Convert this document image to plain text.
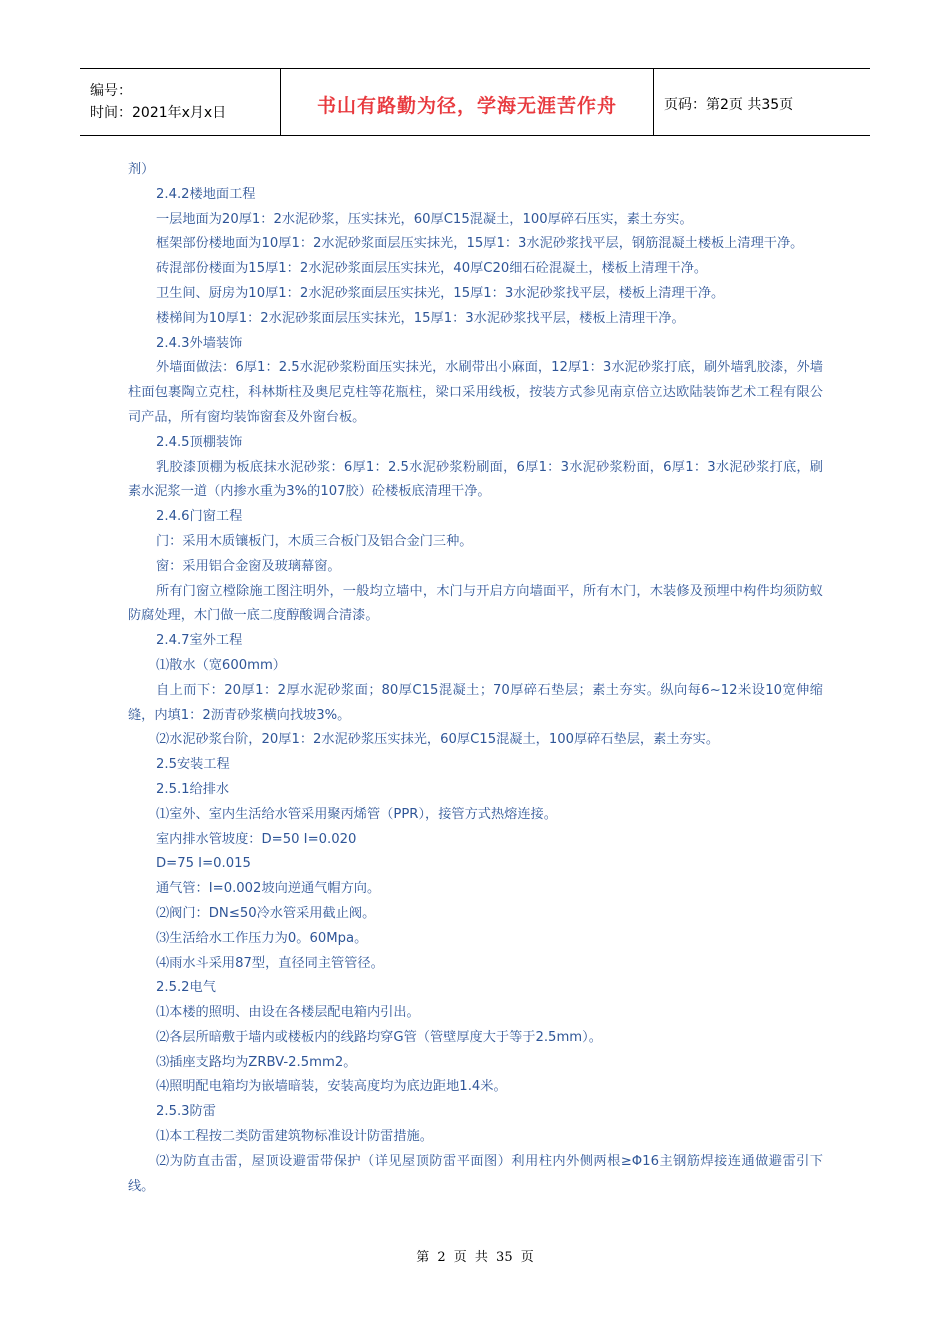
编号：
时间：2021年x月x日	书山有路勤为径，学海无涯苦作舟	页码：第2页 共35页

剂）

2.4.2楼地面工程

一层地面为20厚1：2水泥砂浆，压实抹光，60厚C15混凝土，100厚碎石压实，素土夯实。

框架部份楼地面为10厚1：2水泥砂浆面层压实抹光，15厚1：3水泥砂浆找平层，钢筋混凝土楼板上清理干净。

砖混部份楼面为15厚1：2水泥砂浆面层压实抹光，40厚C20细石砼混凝土，楼板上清理干净。

卫生间、厨房为10厚1：2水泥砂浆面层压实抹光，15厚1：3水泥砂浆找平层，楼板上清理干净。

楼梯间为10厚1：2水泥砂浆面层压实抹光，15厚1：3水泥砂浆找平层，楼板上清理干净。

2.4.3外墙装饰

外墙面做法：6厚1：2.5水泥砂浆粉面压实抹光，水刷带出小麻面，12厚1：3水泥砂浆打底，刷外墙乳胶漆，外墙柱面包裹陶立克柱，科林斯柱及奥尼克柱等花瓶柱，梁口采用线板，按装方式参见南京倍立达欧陆装饰艺术工程有限公司产品，所有窗均装饰窗套及外窗台板。

2.4.5顶棚装饰

乳胶漆顶棚为板底抹水泥砂浆：6厚1：2.5水泥砂浆粉刷面，6厚1：3水泥砂浆粉面，6厚1：3水泥砂浆打底，刷素水泥浆一道（内掺水重为3%的107胶）砼楼板底清理干净。

2.4.6门窗工程

门：采用木质镶板门，木质三合板门及铝合金门三种。

窗：采用铝合金窗及玻璃幕窗。

所有门窗立樘除施工图注明外，一般均立墙中，木门与开启方向墙面平，所有木门，木装修及预埋中构件均须防蚁防腐处理，木门做一底二度醇酸调合清漆。

2.4.7室外工程

⑴散水（宽600mm）

自上而下：20厚1：2厚水泥砂浆面；80厚C15混凝土；70厚碎石垫层；素土夯实。纵向每6~12米设10宽伸缩缝，内填1：2沥青砂浆横向找坡3%。

⑵水泥砂浆台阶，20厚1：2水泥砂浆压实抹光，60厚C15混凝土，100厚碎石垫层，素土夯实。

2.5安装工程

2.5.1给排水

⑴室外、室内生活给水管采用聚丙烯管（PPR），接管方式热熔连接。

室内排水管坡度：D=50 I=0.020

D=75 I=0.015

通气管：I=0.002坡向逆通气帽方向。

⑵阀门：DN≤50冷水管采用截止阀。

⑶生活给水工作压力为0。60Mpa。

⑷雨水斗采用87型，直径同主管管径。

2.5.2电气

⑴本楼的照明、由设在各楼层配电箱内引出。

⑵各层所暗敷于墙内或楼板内的线路均穿G管（管壁厚度大于等于2.5mm）。

⑶插座支路均为ZRBV-2.5mm2。

⑷照明配电箱均为嵌墙暗装，安装高度均为底边距地1.4米。

2.5.3防雷

⑴本工程按二类防雷建筑物标准设计防雷措施。

⑵为防直击雷，屋顶设避雷带保护（详见屋顶防雷平面图）利用柱内外侧两根≥Φ16主钢筋焊接连通做避雷引下线。

第 2 页 共 35 页
